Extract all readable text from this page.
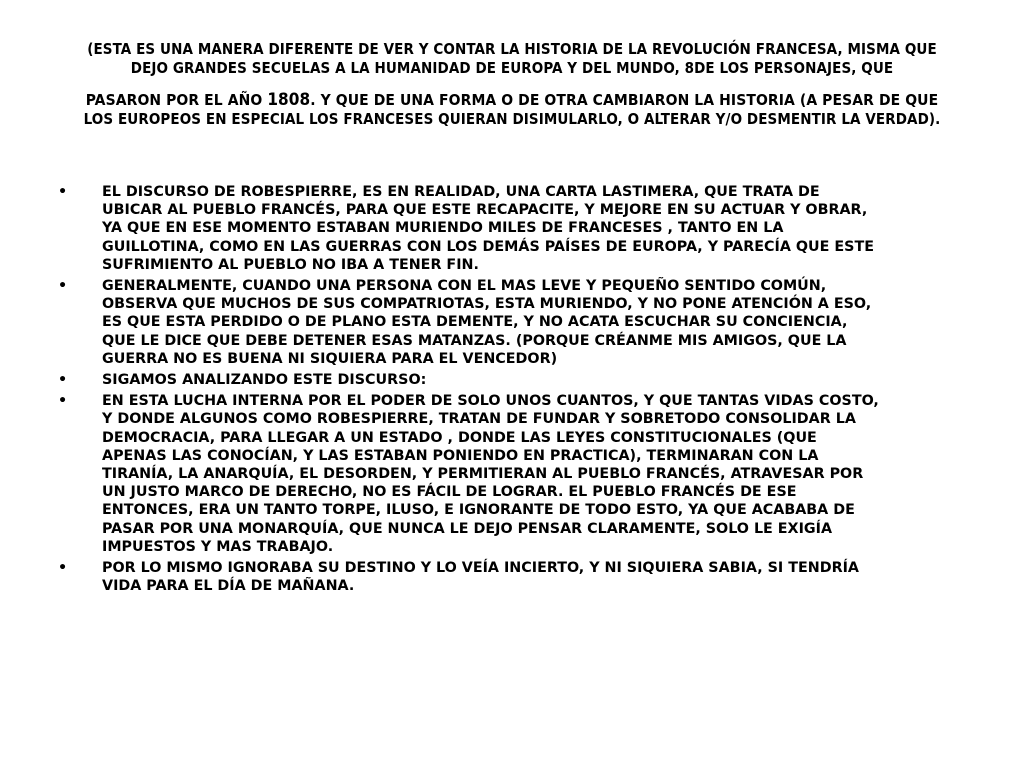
(ESTA ES UNA MANERA DIFERENTE DE VER Y CONTAR LA HISTORIA DE LA REVOLUCIÓN FRANCESA, MISMA QUE
DEJO GRANDES SECUELAS A LA HUMANIDAD DE EUROPA Y DEL MUNDO, 8DE LOS PERSONAJES, QUE
PASARON POR EL AÑO 1808. Y QUE DE UNA FORMA O DE OTRA CAMBIARON LA HISTORIA (A PESAR DE QUE
LOS EUROPEOS EN ESPECIAL LOS FRANCESES QUIERAN DISIMULARLO, O ALTERAR Y/O DESMENTIR LA VERDAD).
• EL DISCURSO DE ROBESPIERRE, ES EN REALIDAD, UNA CARTA LASTIMERA, QUE TRATA DE
UBICAR AL PUEBLO FRANCÉS, PARA QUE ESTE RECAPACITE, Y MEJORE EN SU ACTUAR Y OBRAR,
YA QUE EN ESE MOMENTO ESTABAN MURIENDO MILES DE FRANCESES , TANTO EN LA
GUILLOTINA, COMO EN LAS GUERRAS CON LOS DEMÁS PAÍSES DE EUROPA, Y PARECÍA QUE ESTE
SUFRIMIENTO AL PUEBLO NO IBA A TENER FIN.
• GENERALMENTE, CUANDO UNA PERSONA CON EL MAS LEVE Y PEQUEÑO SENTIDO COMÚN,
OBSERVA QUE MUCHOS DE SUS COMPATRIOTAS, ESTA MURIENDO, Y NO PONE ATENCIÓN A ESO,
ES QUE ESTA PERDIDO O DE PLANO ESTA DEMENTE, Y NO ACATA ESCUCHAR SU CONCIENCIA,
QUE LE DICE QUE DEBE DETENER ESAS MATANZAS. (PORQUE CRÉANME MIS AMIGOS, QUE LA
GUERRA NO ES BUENA NI SIQUIERA PARA EL VENCEDOR)
• SIGAMOS ANALIZANDO ESTE DISCURSO:
• EN ESTA LUCHA INTERNA POR EL PODER DE SOLO UNOS CUANTOS, Y QUE TANTAS VIDAS COSTO,
Y DONDE ALGUNOS COMO ROBESPIERRE, TRATAN DE FUNDAR Y SOBRETODO CONSOLIDAR LA
DEMOCRACIA, PARA LLEGAR A UN ESTADO , DONDE LAS LEYES CONSTITUCIONALES (QUE
APENAS LAS CONOCÍAN, Y LAS ESTABAN PONIENDO EN PRACTICA), TERMINARAN CON LA
TIRANÍA, LA ANARQUÍA, EL DESORDEN, Y PERMITIERAN AL PUEBLO FRANCÉS, ATRAVESAR POR
UN JUSTO MARCO DE DERECHO, NO ES FÁCIL DE LOGRAR. EL PUEBLO FRANCÉS DE ESE
ENTONCES, ERA UN TANTO TORPE, ILUSO, E IGNORANTE DE TODO ESTO, YA QUE ACABABA DE
PASAR POR UNA MONARQUÍA, QUE NUNCA LE DEJO PENSAR CLARAMENTE, SOLO LE EXIGÍA
IMPUESTOS Y MAS TRABAJO.
• POR LO MISMO IGNORABA SU DESTINO Y LO VEÍA INCIERTO, Y NI SIQUIERA SABIA, SI TENDRÍA
VIDA PARA EL DÍA DE MAÑANA.
